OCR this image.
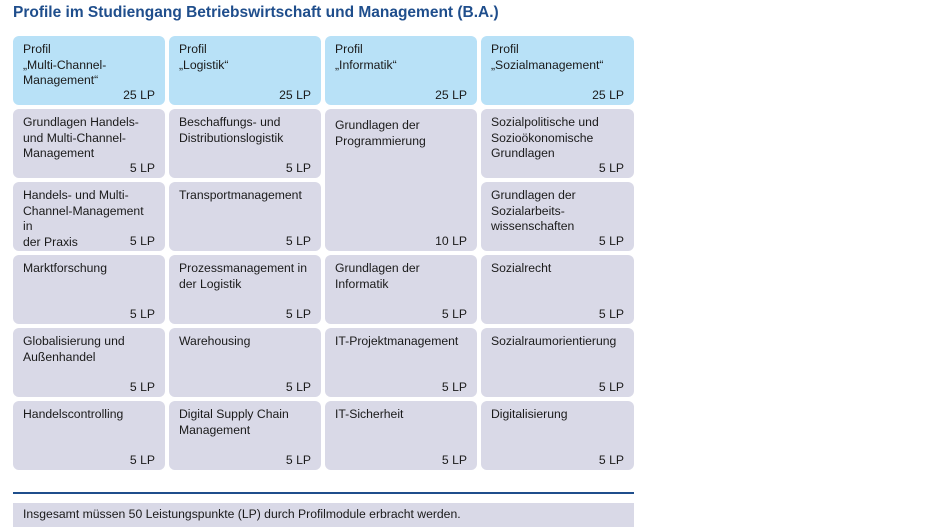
Profile im Studiengang Betriebswirtschaft und Management (B.A.)
Profil
„Multi-Channel-
Management“
25 LP
Grundlagen Handels-
und Multi-Channel-
Management
5 LP
Handels- und Multi-
Channel-Management in
der Praxis	5 LP
Marktforschung
5 LP
Globalisierung und
Außenhandel
5 LP
Handelscontrolling
5 LP
Profil
„Logistik“
25 LP
Beschaffungs- und
Distributionslogistik
5 LP
Transportmanagement
5 LP
Prozessmanagement in
der Logistik
5 LP
Warehousing
5 LP
Digital Supply Chain
Management
5 LP
Profil
„Informatik“
25 LP
Grundlagen der
Programmierung
10 LP
Grundlagen der
Informatik
5 LP
IT-Projektmanagement
5 LP
IT-Sicherheit
5 LP
Profil
„Sozialmanagement“
25 LP
Sozialpolitische und
Sozioökonomische
Grundlagen
5 LP
Grundlagen der
Sozialarbeits-
wissenschaften
5 LP
Sozialrecht
5 LP
Sozialraumorientierung
5 LP
Digitalisierung
5 LP
Insgesamt müssen 50 Leistungspunkte (LP) durch Profilmodule erbracht werden.
